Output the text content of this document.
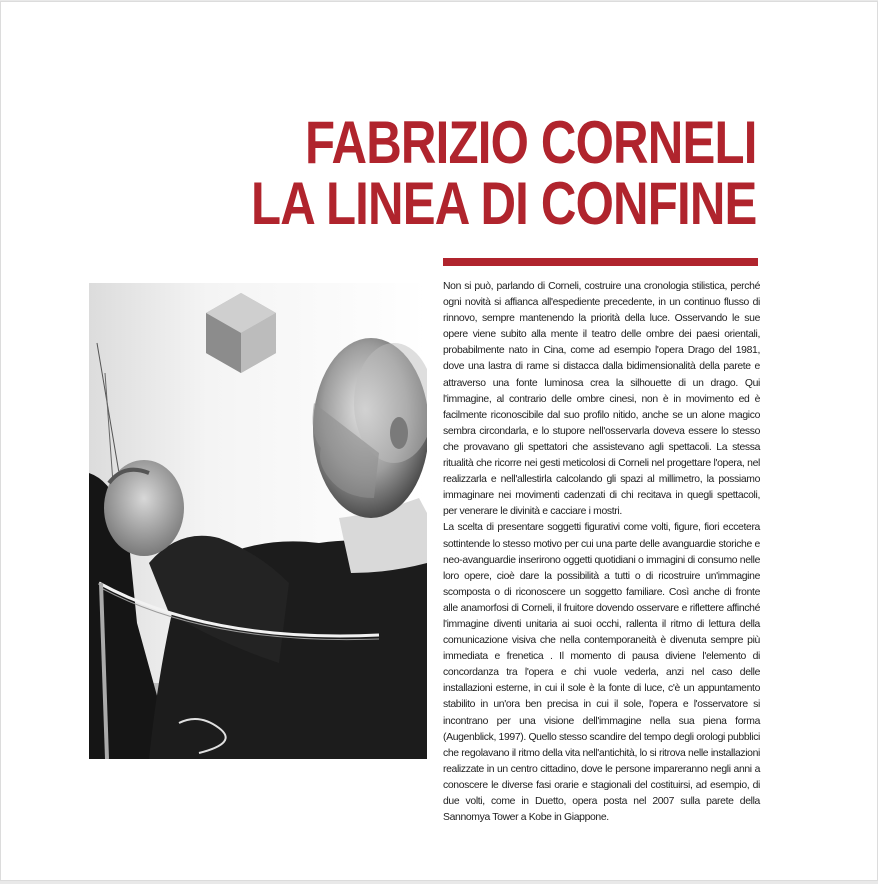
FABRIZIO CORNELI
LA LINEA DI CONFINE

Non si può, parlando di Corneli, costruire una cronologia stilistica, perché ogni novità si affianca all'espediente precedente, in un continuo flusso di rinnovo, sempre mantenendo la priorità della luce. Osservando le sue opere viene subito alla mente il teatro delle ombre dei paesi orientali, probabilmente nato in Cina, come ad esempio l'opera Drago del 1981, dove una lastra di rame si distacca dalla bidimensionalità della parete e attraverso una fonte luminosa crea la silhouette di un drago. Qui l'immagine, al contrario delle ombre cinesi, non è in movimento ed è facilmente riconoscibile dal suo profilo nitido, anche se un alone magico sembra circondarla, e lo stupore nell'osservarla doveva essere lo stesso che provavano gli spettatori che assistevano agli spettacoli. La stessa ritualità che ricorre nei gesti meticolosi di Corneli nel progettare l'opera, nel realizzarla e nell'allestirla calcolando gli spazi al millimetro, la possiamo immaginare nei movimenti cadenzati di chi recitava in quegli spettacoli, per venerare le divinità e cacciare i mostri.

La scelta di presentare soggetti figurativi come volti, figure, fiori eccetera sottintende lo stesso motivo per cui una parte delle avanguardie storiche e neo-avanguardie inserirono oggetti quotidiani o immagini di consumo nelle loro opere, cioè dare la possibilità a tutti o di ricostruire un'immagine scomposta o di riconoscere un soggetto familiare. Così anche di fronte alle anamorfosi di Corneli, il fruitore dovendo osservare e riflettere affinché l'immagine diventi unitaria ai suoi occhi, rallenta il ritmo di lettura della comunicazione visiva che nella contemporaneità è divenuta sempre più immediata e frenetica . Il momento di pausa diviene l'elemento di concordanza tra l'opera e chi vuole vederla, anzi nel caso delle installazioni esterne, in cui il sole è la fonte di luce, c'è un appuntamento stabilito in un'ora ben precisa in cui il sole, l'opera e l'osservatore si incontrano per una visione dell'immagine nella sua piena forma (Augenblick, 1997). Quello stesso scandire del tempo degli orologi pubblici che regolavano il ritmo della vita nell'antichità, lo si ritrova nelle installazioni realizzate in un centro cittadino, dove le persone impareranno negli anni a conoscere le diverse fasi orarie e stagionali del costituirsi, ad esempio, di due volti, come in Duetto, opera posta nel 2007 sulla parete della Sannomya Tower a Kobe in Giappone.
